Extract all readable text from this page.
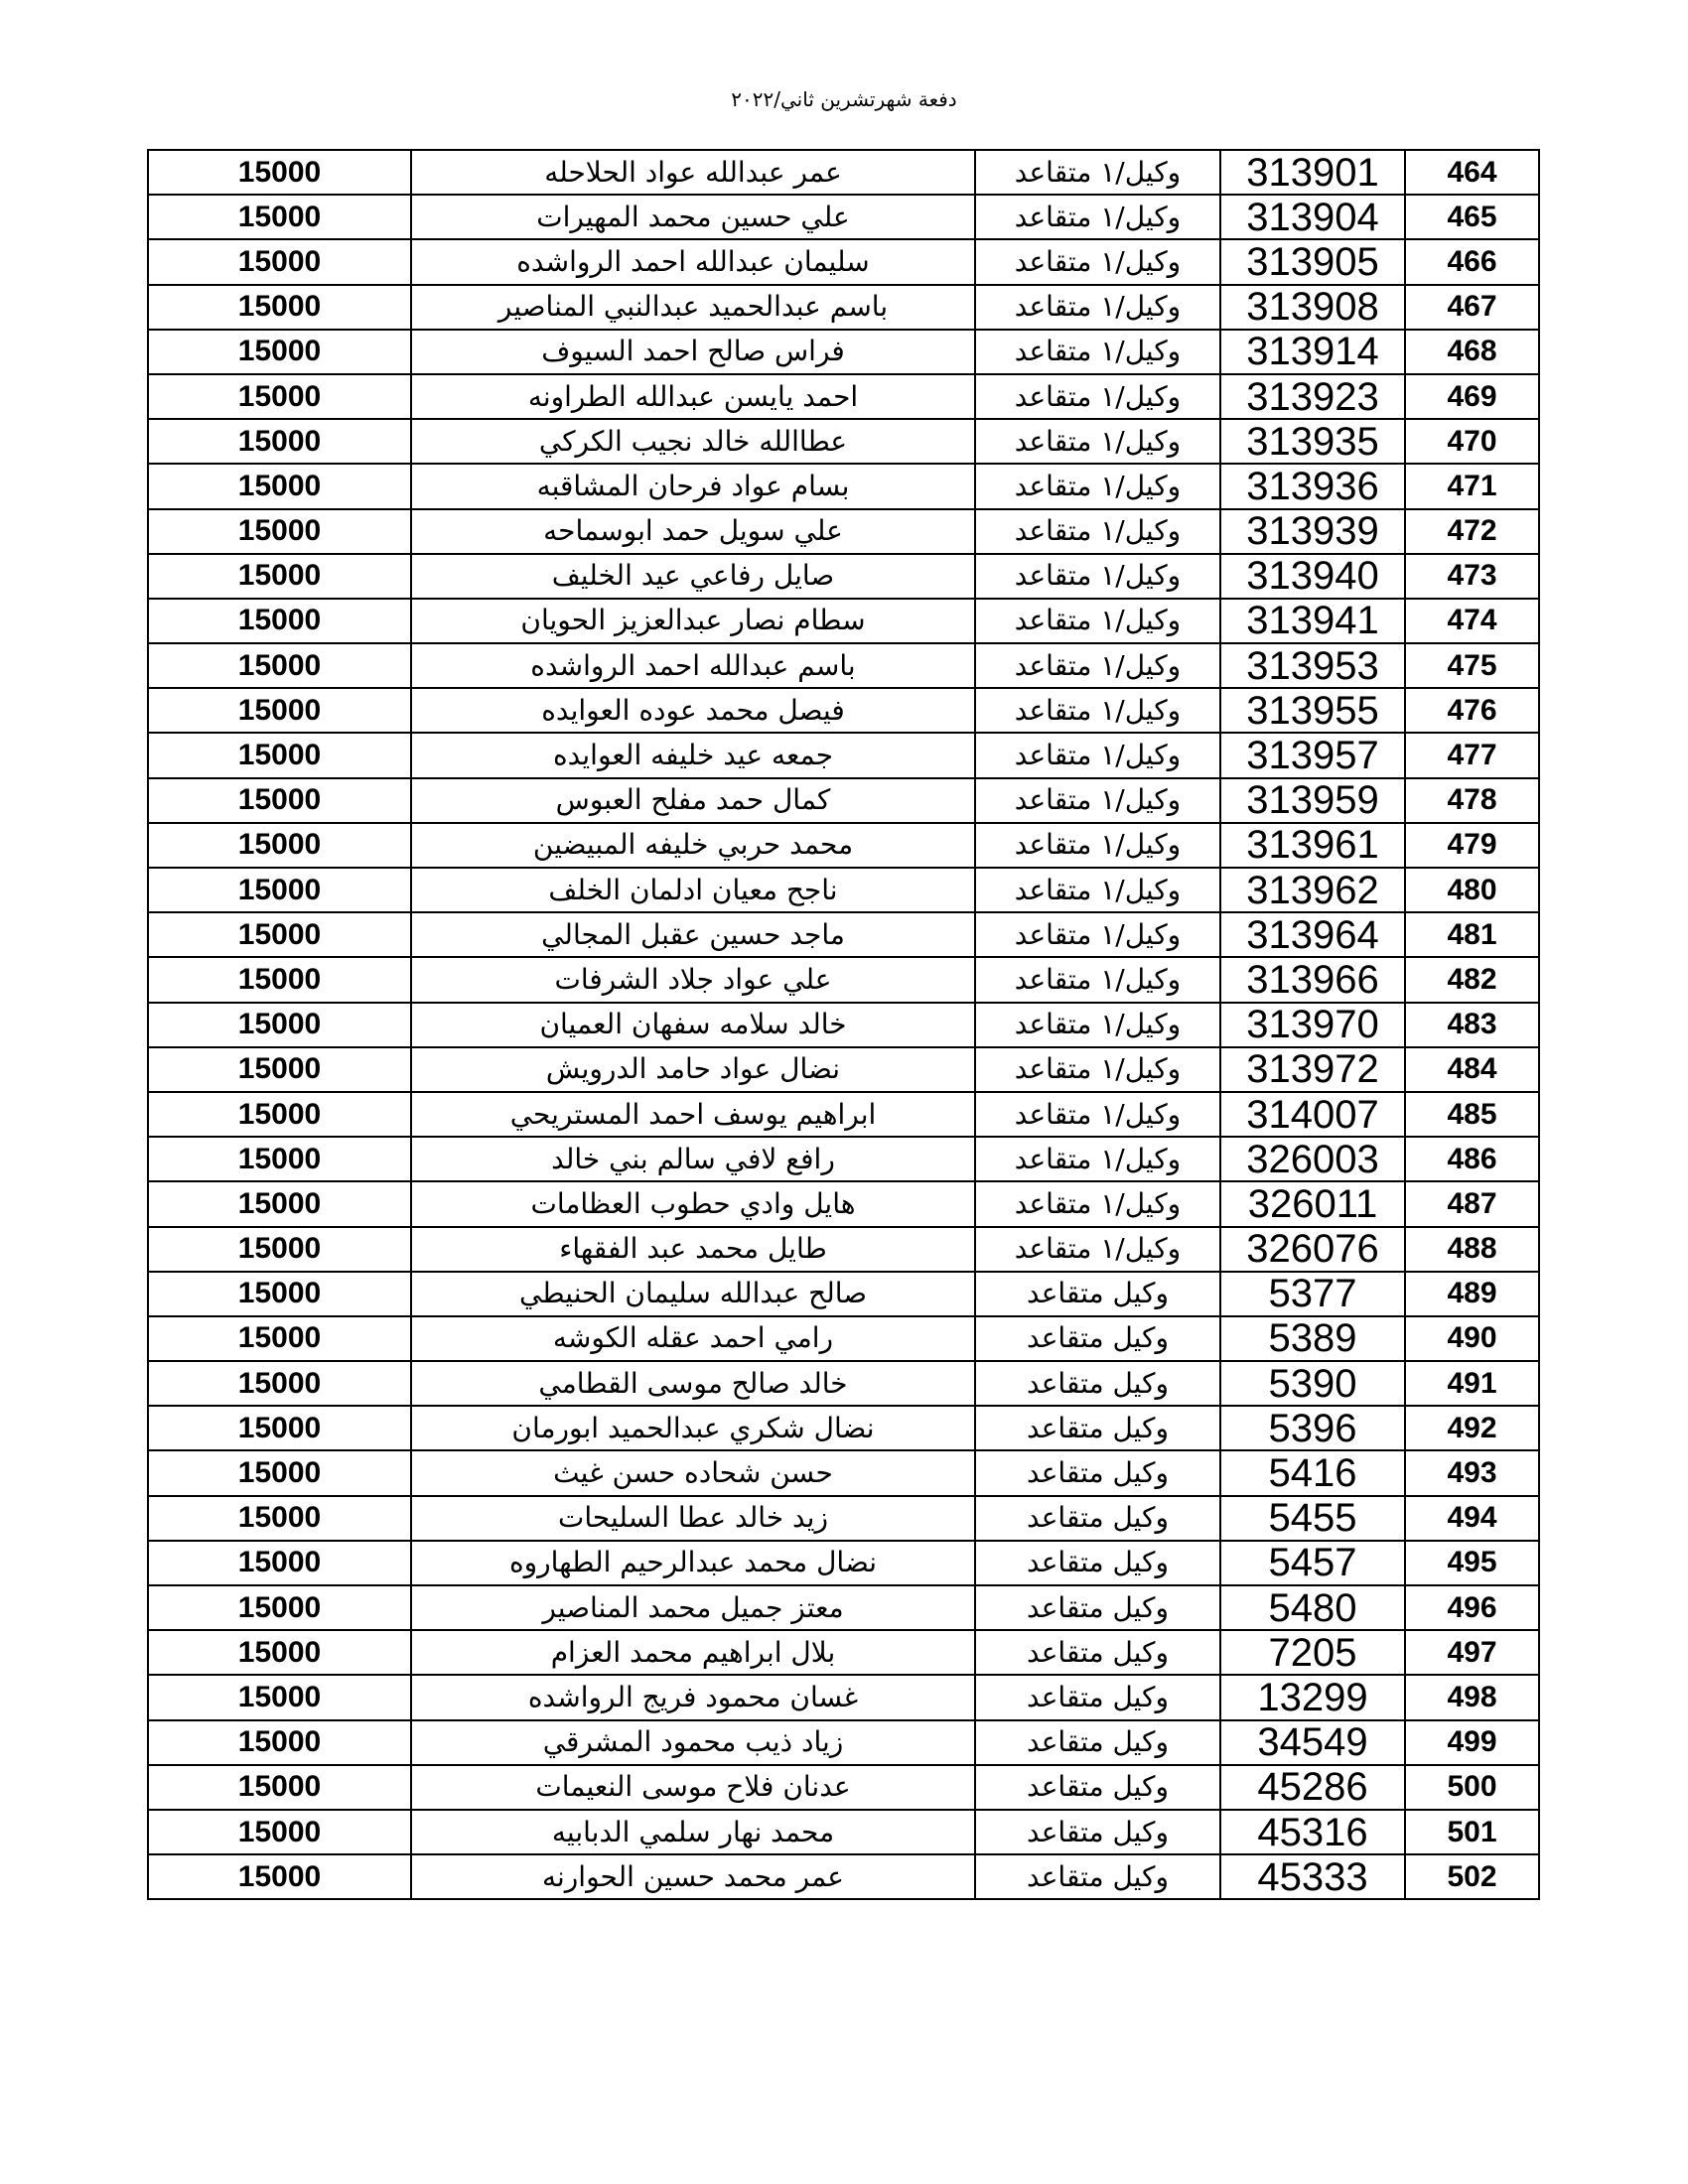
دفعة شهرتشرين ثاني/٢٠٢٢
15000	عمر عبدالله عواد الحلاحله	وكيل/١ متقاعد	313901	464
15000	علي حسين محمد المهيرات	وكيل/١ متقاعد	313904	465
15000	سليمان عبدالله احمد الرواشده	وكيل/١ متقاعد	313905	466
15000	باسم عبدالحميد عبدالنبي المناصير	وكيل/١ متقاعد	313908	467
15000	فراس صالح احمد السيوف	وكيل/١ متقاعد	313914	468
15000	احمد يايسن عبدالله الطراونه	وكيل/١ متقاعد	313923	469
15000	عطاالله خالد نجيب الكركي	وكيل/١ متقاعد	313935	470
15000	بسام عواد فرحان المشاقبه	وكيل/١ متقاعد	313936	471
15000	علي سويل حمد ابوسماحه	وكيل/١ متقاعد	313939	472
15000	صايل رفاعي عيد الخليف	وكيل/١ متقاعد	313940	473
15000	سطام نصار عبدالعزيز الحويان	وكيل/١ متقاعد	313941	474
15000	باسم عبدالله احمد الرواشده	وكيل/١ متقاعد	313953	475
15000	فيصل محمد عوده العوايده	وكيل/١ متقاعد	313955	476
15000	جمعه عيد خليفه العوايده	وكيل/١ متقاعد	313957	477
15000	كمال حمد مفلح العبوس	وكيل/١ متقاعد	313959	478
15000	محمد حربي خليفه المبيضين	وكيل/١ متقاعد	313961	479
15000	ناجح معيان ادلمان الخلف	وكيل/١ متقاعد	313962	480
15000	ماجد حسين عقبل المجالي	وكيل/١ متقاعد	313964	481
15000	علي عواد جلاد الشرفات	وكيل/١ متقاعد	313966	482
15000	خالد سلامه سفهان العميان	وكيل/١ متقاعد	313970	483
15000	نضال عواد حامد الدرويش	وكيل/١ متقاعد	313972	484
15000	ابراهيم يوسف احمد المستريحي	وكيل/١ متقاعد	314007	485
15000	رافع لافي سالم بني خالد	وكيل/١ متقاعد	326003	486
15000	هايل وادي حطوب العظامات	وكيل/١ متقاعد	326011	487
15000	طايل محمد عبد الفقهاء	وكيل/١ متقاعد	326076	488
15000	صالح عبدالله سليمان الحنيطي	وكيل متقاعد	5377	489
15000	رامي احمد عقله الكوشه	وكيل متقاعد	5389	490
15000	خالد صالح موسى القطامي	وكيل متقاعد	5390	491
15000	نضال شكري عبدالحميد ابورمان	وكيل متقاعد	5396	492
15000	حسن شحاده حسن غيث	وكيل متقاعد	5416	493
15000	زيد خالد عطا السليحات	وكيل متقاعد	5455	494
15000	نضال محمد عبدالرحيم الطهاروه	وكيل متقاعد	5457	495
15000	معتز جميل محمد المناصير	وكيل متقاعد	5480	496
15000	بلال ابراهيم محمد العزام	وكيل متقاعد	7205	497
15000	غسان محمود فريج الرواشده	وكيل متقاعد	13299	498
15000	زياد ذيب محمود المشرقي	وكيل متقاعد	34549	499
15000	عدنان فلاح موسى النعيمات	وكيل متقاعد	45286	500
15000	محمد نهار سلمي الدبابيه	وكيل متقاعد	45316	501
15000	عمر محمد حسين الحوارنه	وكيل متقاعد	45333	502
